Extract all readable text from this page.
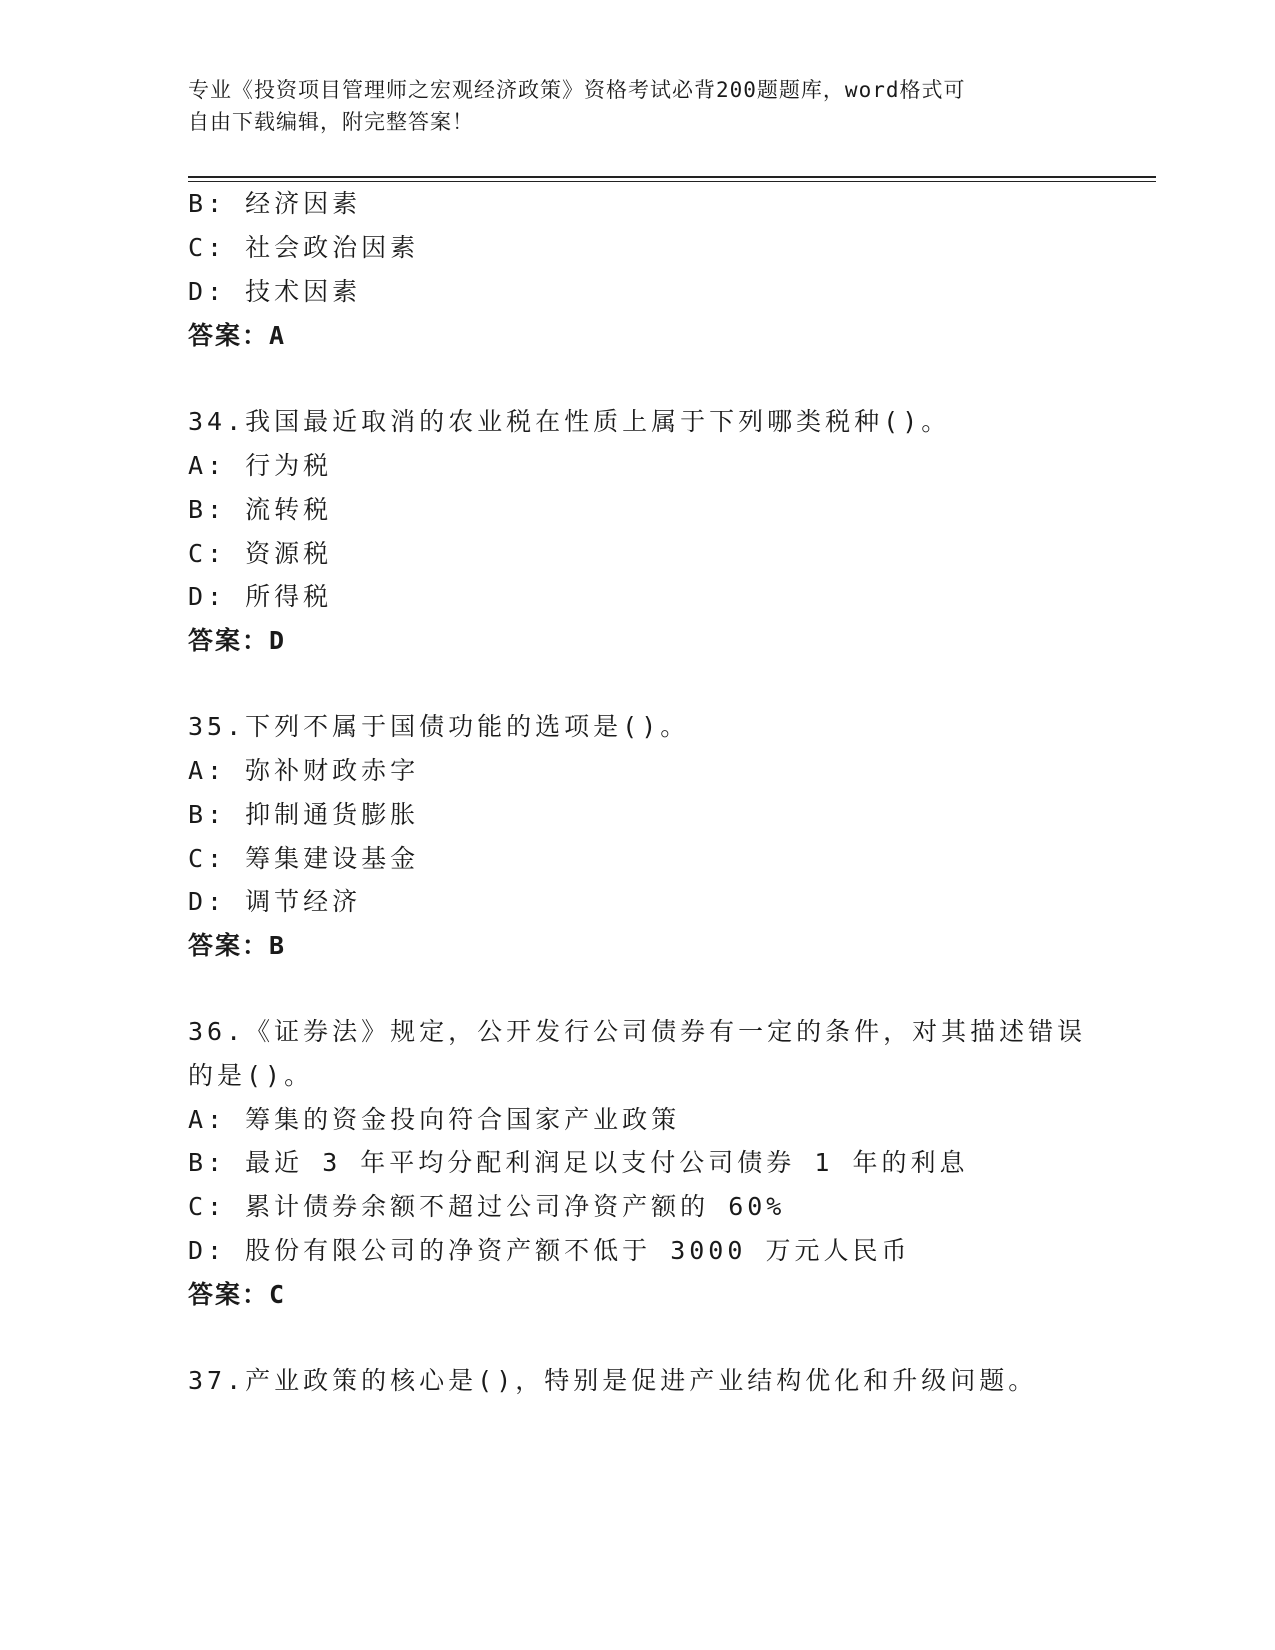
专业《投资项目管理师之宏观经济政策》资格考试必背200题题库，word格式可
自由下载编辑，附完整答案！
B: 经济因素
C: 社会政治因素
D: 技术因素
答案：A
34.我国最近取消的农业税在性质上属于下列哪类税种()。
A: 行为税
B: 流转税
C: 资源税
D: 所得税
答案：D
35.下列不属于国债功能的选项是()。
A: 弥补财政赤字
B: 抑制通货膨胀
C: 筹集建设基金
D: 调节经济
答案：B
36.《证券法》规定，公开发行公司债券有一定的条件，对其描述错误
的是()。
A: 筹集的资金投向符合国家产业政策
B: 最近 3 年平均分配利润足以支付公司债券 1 年的利息
C: 累计债券余额不超过公司净资产额的 60%
D: 股份有限公司的净资产额不低于 3000 万元人民币
答案：C
37.产业政策的核心是()，特别是促进产业结构优化和升级问题。
